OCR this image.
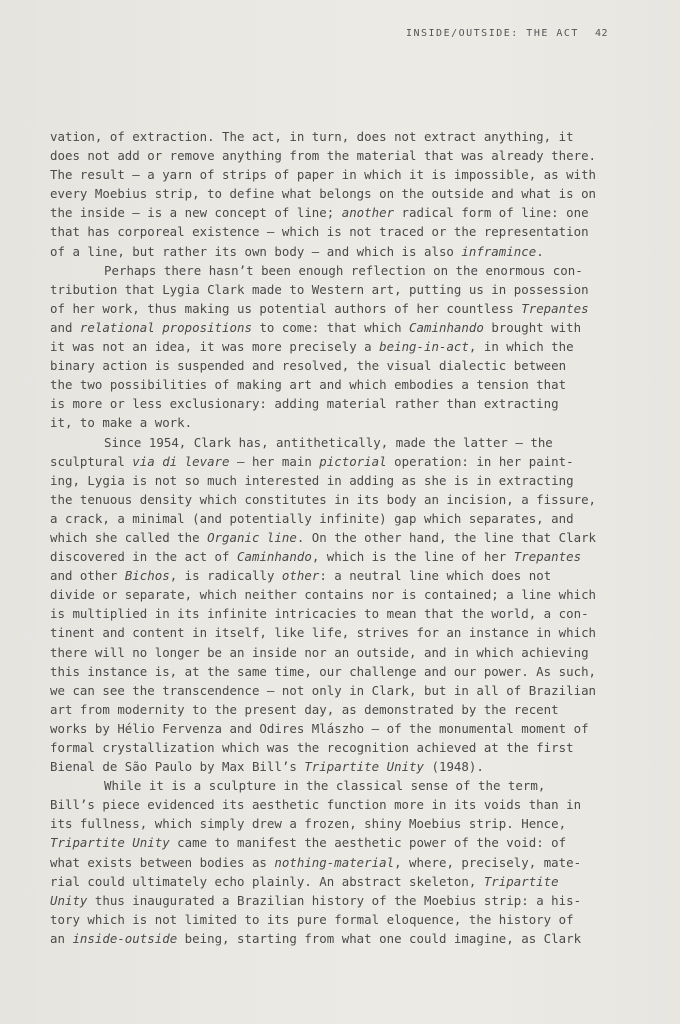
INSIDE/OUTSIDE: THE ACT 42
vation, of extraction. The act, in turn, does not extract anything, it
does not add or remove anything from the material that was already there.
The result – a yarn of strips of paper in which it is impossible, as with
every Moebius strip, to define what belongs on the outside and what is on
the inside – is a new concept of line; another radical form of line: one
that has corporeal existence – which is not traced or the representation
of a line, but rather its own body – and which is also inframince.
Perhaps there hasn’t been enough reflection on the enormous con-
tribution that Lygia Clark made to Western art, putting us in possession
of her work, thus making us potential authors of her countless Trepantes
and relational propositions to come: that which Caminhando brought with
it was not an idea, it was more precisely a being-in-act, in which the
binary action is suspended and resolved, the visual dialectic between
the two possibilities of making art and which embodies a tension that
is more or less exclusionary: adding material rather than extracting
it, to make a work.
Since 1954, Clark has, antithetically, made the latter – the
sculptural via di levare – her main pictorial operation: in her paint-
ing, Lygia is not so much interested in adding as she is in extracting
the tenuous density which constitutes in its body an incision, a fissure,
a crack, a minimal (and potentially infinite) gap which separates, and
which she called the Organic line. On the other hand, the line that Clark
discovered in the act of Caminhando, which is the line of her Trepantes
and other Bichos, is radically other: a neutral line which does not
divide or separate, which neither contains nor is contained; a line which
is multiplied in its infinite intricacies to mean that the world, a con-
tinent and content in itself, like life, strives for an instance in which
there will no longer be an inside nor an outside, and in which achieving
this instance is, at the same time, our challenge and our power. As such,
we can see the transcendence – not only in Clark, but in all of Brazilian
art from modernity to the present day, as demonstrated by the recent
works by Hélio Fervenza and Odires Mlászho – of the monumental moment of
formal crystallization which was the recognition achieved at the first
Bienal de São Paulo by Max Bill’s Tripartite Unity (1948).
While it is a sculpture in the classical sense of the term,
Bill’s piece evidenced its aesthetic function more in its voids than in
its fullness, which simply drew a frozen, shiny Moebius strip. Hence,
Tripartite Unity came to manifest the aesthetic power of the void: of
what exists between bodies as nothing-material, where, precisely, mate-
rial could ultimately echo plainly. An abstract skeleton, Tripartite
Unity thus inaugurated a Brazilian history of the Moebius strip: a his-
tory which is not limited to its pure formal eloquence, the history of
an inside-outside being, starting from what one could imagine, as Clark
